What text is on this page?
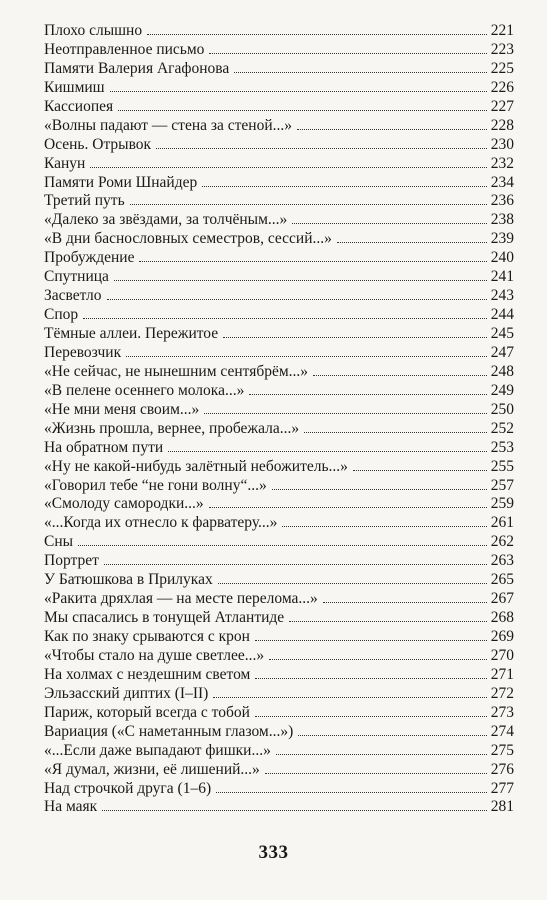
Плохо слышно	221
Неотправленное письмо	223
Памяти Валерия Агафонова	225
Кишмиш	226
Кассиопея	227
«Волны падают — стена за стеной...»	228
Осень. Отрывок	230
Канун	232
Памяти Роми Шнайдер	234
Третий путь	236
«Далеко за звёздами, за толчёным...»	238
«В дни баснословных семестров, сессий...»	239
Пробуждение	240
Спутница	241
Засветло	243
Спор	244
Тёмные аллеи. Пережитое	245
Перевозчик	247
«Не сейчас, не нынешним сентябрём...»	248
«В пелене осеннего молока...»	249
«Не мни меня своим...»	250
«Жизнь прошла, вернее, пробежала...»	252
На обратном пути	253
«Ну не какой-нибудь залётный небожитель...»	255
«Говорил тебе “не гони волну“...»	257
«Смолоду самородки...»	259
«...Когда их отнесло к фарватеру...»	261
Сны	262
Портрет	263
У Батюшкова в Прилуках	265
«Ракита дряхлая — на месте перелома...»	267
Мы спасались в тонущей Атлантиде	268
Как по знаку срываются с крон	269
«Чтобы стало на душе светлее...»	270
На холмах с нездешним светом	271
Эльзасский диптих (I–II)	272
Париж, который всегда с тобой	273
Вариация («С наметанным глазом...»)	274
«...Если даже выпадают фишки...»	275
«Я думал, жизни, её лишений...»	276
Над строчкой друга (1–6)	277
На маяк	281
333
